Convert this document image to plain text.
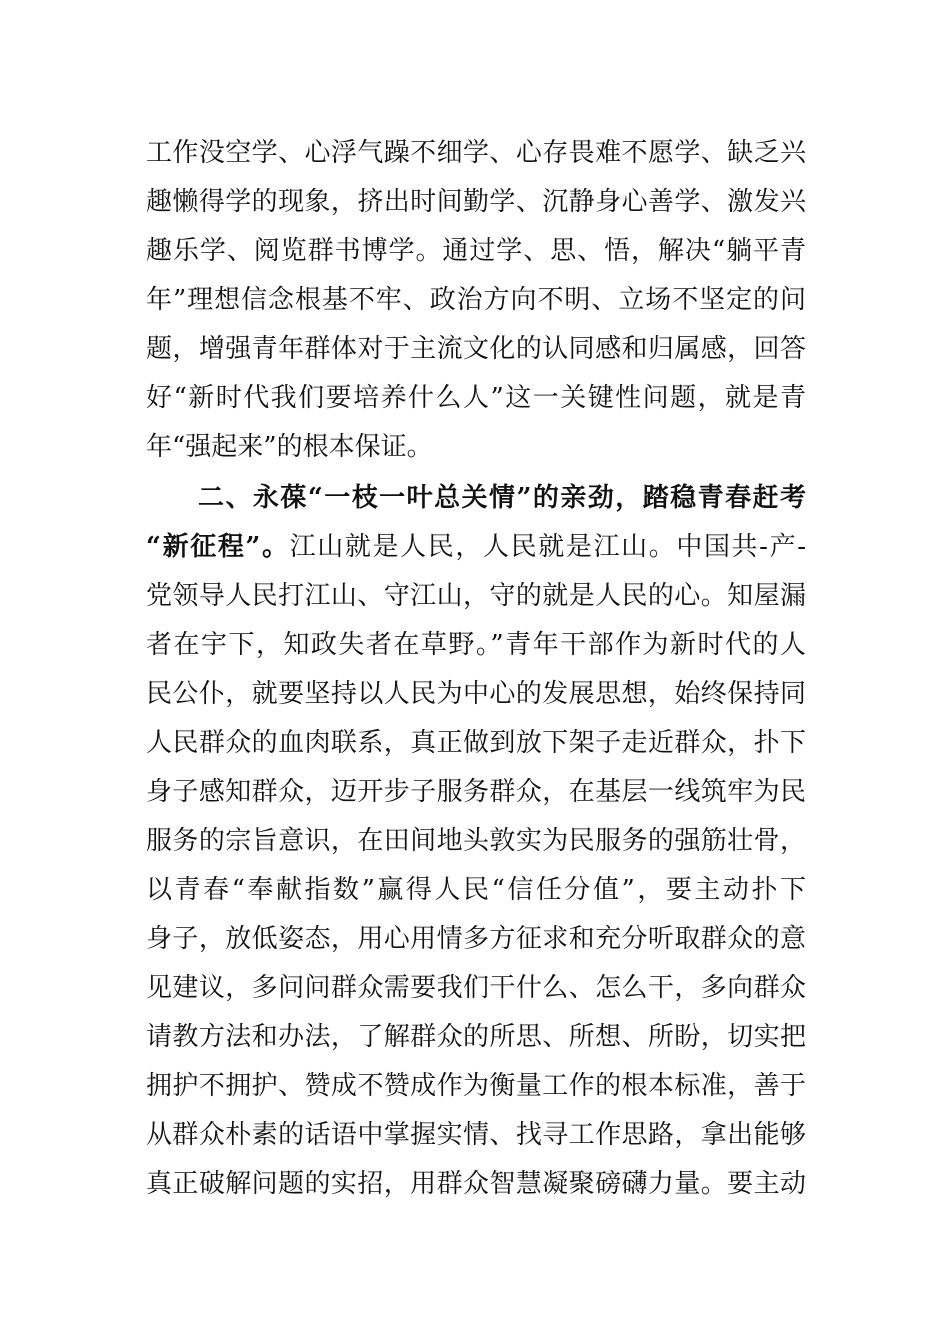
工作没空学、心浮气躁不细学、心存畏难不愿学、缺乏兴
趣懒得学的现象，挤出时间勤学、沉静身心善学、激发兴
趣乐学、阅览群书博学。通过学、思、悟，解决“躺平青
年”理想信念根基不牢、政治方向不明、立场不坚定的问
题，增强青年群体对于主流文化的认同感和归属感，回答
好“新时代我们要培养什么人”这一关键性问题，就是青
年“强起来”的根本保证。
二、永葆“一枝一叶总关情”的亲劲，踏稳青春赶考
“新征程”。江山就是人民，人民就是江山。中国共-产-
党领导人民打江山、守江山，守的就是人民的心。知屋漏
者在宇下，知政失者在草野。”青年干部作为新时代的人
民公仆，就要坚持以人民为中心的发展思想，始终保持同
人民群众的血肉联系，真正做到放下架子走近群众，扑下
身子感知群众，迈开步子服务群众，在基层一线筑牢为民
服务的宗旨意识，在田间地头敦实为民服务的强筋壮骨，
以青春“奉献指数”赢得人民“信任分值”，要主动扑下
身子，放低姿态，用心用情多方征求和充分听取群众的意
见建议，多问问群众需要我们干什么、怎么干，多向群众
请教方法和办法，了解群众的所思、所想、所盼，切实把
拥护不拥护、赞成不赞成作为衡量工作的根本标准，善于
从群众朴素的话语中掌握实情、找寻工作思路，拿出能够
真正破解问题的实招，用群众智慧凝聚磅礴力量。要主动
